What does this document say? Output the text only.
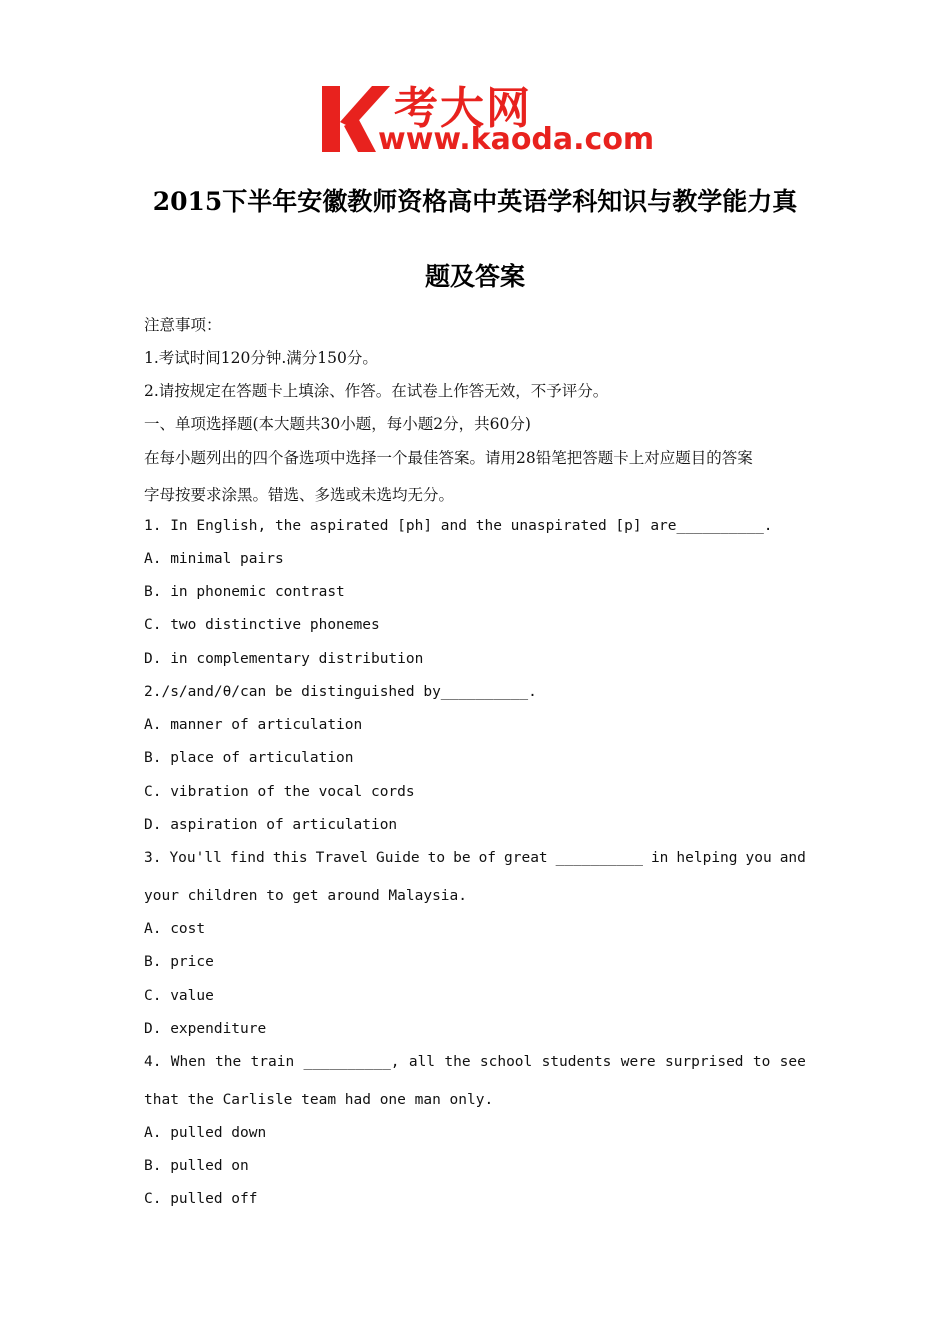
考大网
www.kaoda.com
2015下半年安徽教师资格高中英语学科知识与教学能力真
题及答案
注意事项：
1.考试时间120分钟.满分150分。
2.请按规定在答题卡上填涂、作答。在试卷上作答无效，不予评分。
一、单项选择题(本大题共30小题，每小题2分，共60分)
在每小题列出的四个备选项中选择一个最佳答案。请用28铅笔把答题卡上对应题目的答案
字母按要求涂黑。错选、多选或未选均无分。
1. In English, the aspirated [ph] and the unaspirated [p] are__________.
A. minimal pairs
B. in phonemic contrast
C. two distinctive phonemes
D. in complementary distribution
2./s/and/θ/can be distinguished by__________.
A. manner of articulation
B. place of articulation
C. vibration of the vocal cords
D. aspiration of articulation
3. You'll find this Travel Guide to be of great __________ in helping you and
your children to get around Malaysia.
A. cost
B. price
C. value
D. expenditure
4. When the train __________, all the school students were surprised to see
that the Carlisle team had one man only.
A. pulled down
B. pulled on
C. pulled off
